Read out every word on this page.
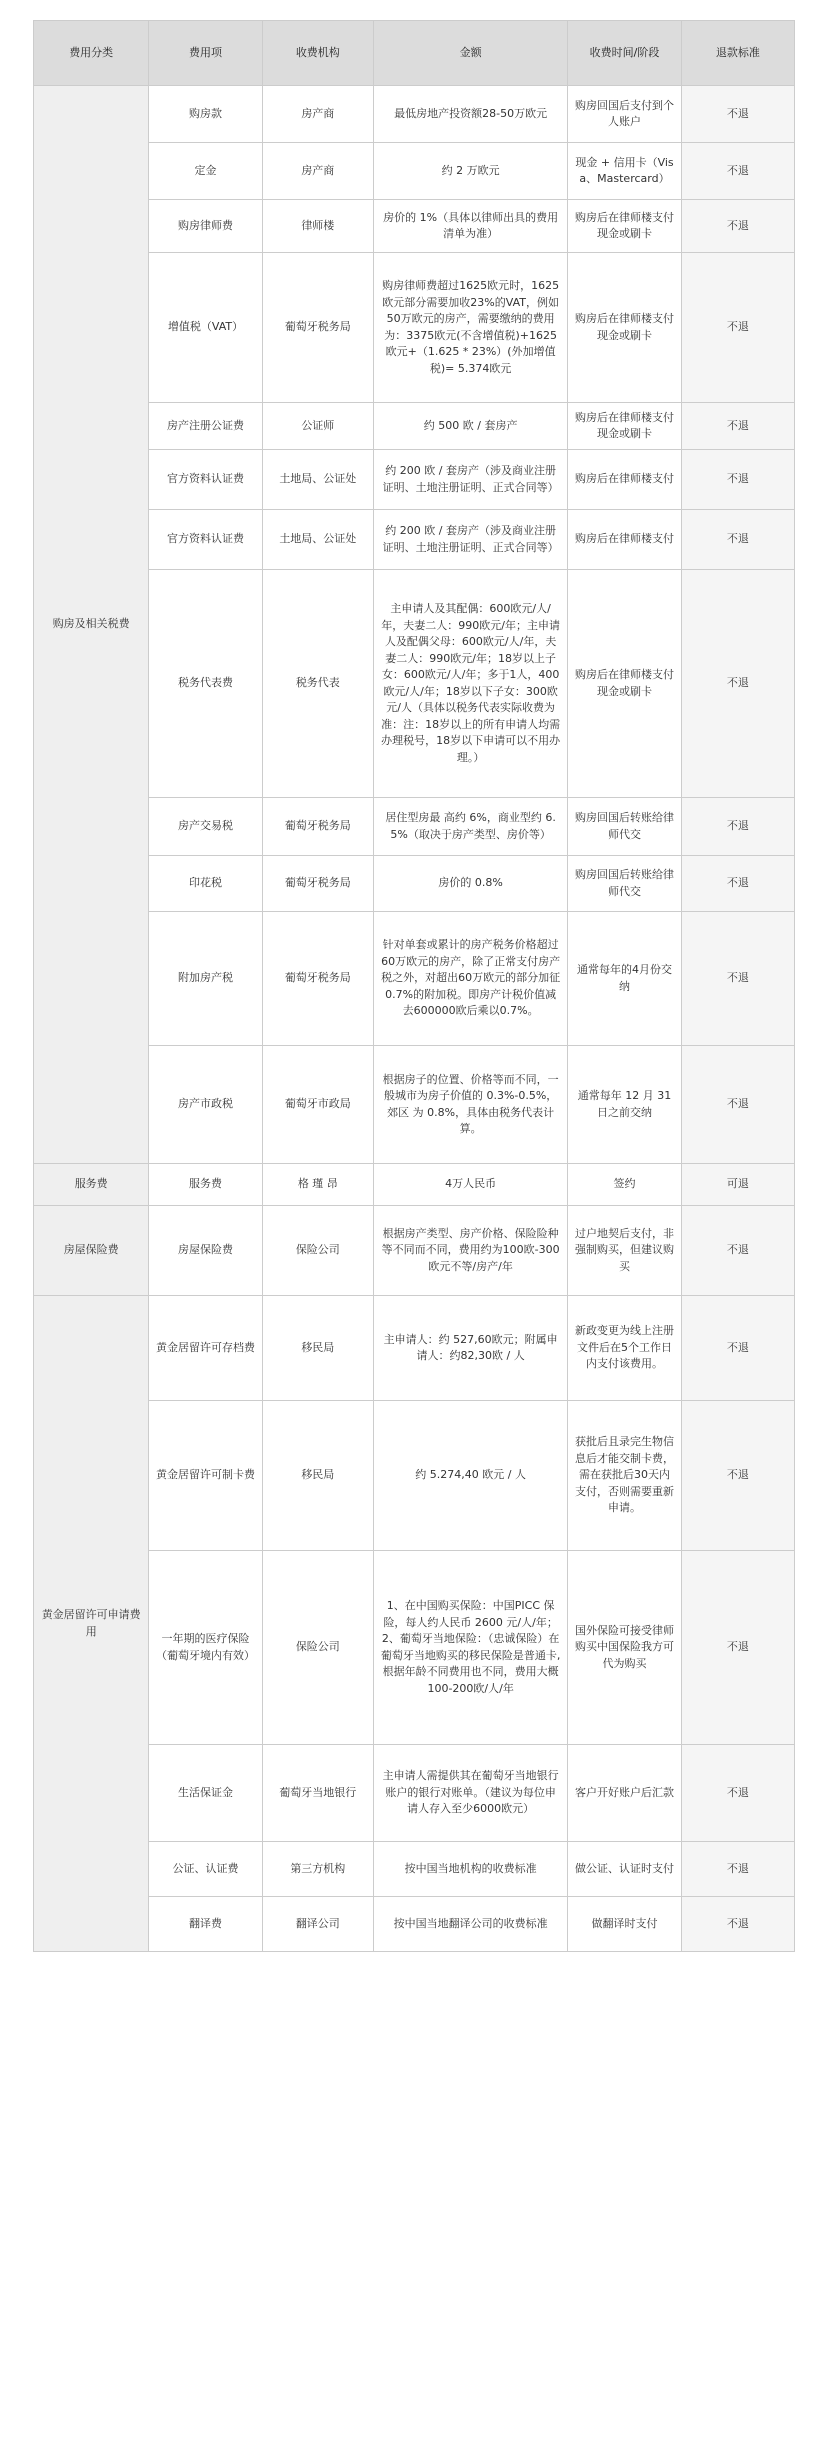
费用分类	费用项	收费机构	金额	收费时间/阶段	退款标准
购房及相关税费	购房款	房产商	最低房地产投资额28-50万欧元	购房回国后支付到个人账户	不退
	定金	房产商	约 2 万欧元	现金 + 信用卡（Visa、Mastercard）	不退
	购房律师费	律师楼	房价的 1%（具体以律师出具的费用清单为准）	购房后在律师楼支付现金或刷卡	不退
	增值税（VAT）	葡萄牙税务局	购房律师费超过1625欧元时，1625欧元部分需要加收23%的VAT，例如50万欧元的房产，需要缴纳的费用为：3375欧元(不含增值税)+1625欧元+（1.625 * 23%）(外加增值税)= 5.374欧元	购房后在律师楼支付现金或刷卡	不退
	房产注册公证费	公证师	约 500 欧 / 套房产	购房后在律师楼支付现金或刷卡	不退
	官方资料认证费	土地局、公证处	约 200 欧 / 套房产（涉及商业注册证明、土地注册证明、正式合同等）	购房后在律师楼支付	不退
	官方资料认证费	土地局、公证处	约 200 欧 / 套房产（涉及商业注册证明、土地注册证明、正式合同等）	购房后在律师楼支付	不退
	税务代表费	税务代表	主申请人及其配偶：600欧元/人/年，夫妻二人：990欧元/年；主申请人及配偶父母：600欧元/人/年，夫妻二人：990欧元/年；18岁以上子女：600欧元/人/年；多于1人，400欧元/人/年；18岁以下子女：300欧元/人（具体以税务代表实际收费为准：注：18岁以上的所有申请人均需办理税号，18岁以下申请可以不用办理。）	购房后在律师楼支付现金或刷卡	不退
	房产交易税	葡萄牙税务局	居住型房最 高约 6%，商业型约 6.5%（取决于房产类型、房价等）	购房回国后转账给律师代交	不退
	印花税	葡萄牙税务局	房价的 0.8%	购房回国后转账给律师代交	不退
	附加房产税	葡萄牙税务局	针对单套或累计的房产税务价格超过60万欧元的房产，除了正常支付房产税之外，对超出60万欧元的部分加征0.7%的附加税。即房产计税价值减去600000欧后乘以0.7%。	通常每年的4月份交纳	不退
	房产市政税	葡萄牙市政局	根据房子的位置、价格等而不同，一般城市为房子价值的 0.3%-0.5%，郊区 为 0.8%，具体由税务代表计算。	通常每年 12 月 31 日之前交纳	不退
服务费	服务费	格 瑾 昂	4万人民币	签约	可退
房屋保险费	房屋保险费	保险公司	根据房产类型、房产价格、保险险种等不同而不同，费用约为100欧-300欧元不等/房产/年	过户地契后支付，非强制购买，但建议购买	不退
黄金居留许可申请费用	黄金居留许可存档费	移民局	主申请人：约 527,60欧元；附属申请人：约82,30欧 / 人	新政变更为线上注册文件后在5个工作日内支付该费用。	不退
	黄金居留许可制卡费	移民局	约 5.274,40 欧元 / 人	获批后且录完生物信息后才能交制卡费，需在获批后30天内支付，否则需要重新申请。	不退
	一年期的医疗保险（葡萄牙境内有效）	保险公司	1、在中国购买保险：中国PICC 保险，每人约人民币 2600 元/人/年；2、葡萄牙当地保险：（忠诚保险）在葡萄牙当地购买的移民保险是普通卡,根据年龄不同费用也不同，费用大概100-200欧/人/年	国外保险可接受律师购买中国保险我方可代为购买	不退
	生活保证金	葡萄牙当地银行	主申请人需提供其在葡萄牙当地银行账户的银行对账单。（建议为每位申请人存入至少6000欧元）	客户开好账户后汇款	不退
	公证、认证费	第三方机构	按中国当地机构的收费标准	做公证、认证时支付	不退
	翻译费	翻译公司	按中国当地翻译公司的收费标准	做翻译时支付	不退
